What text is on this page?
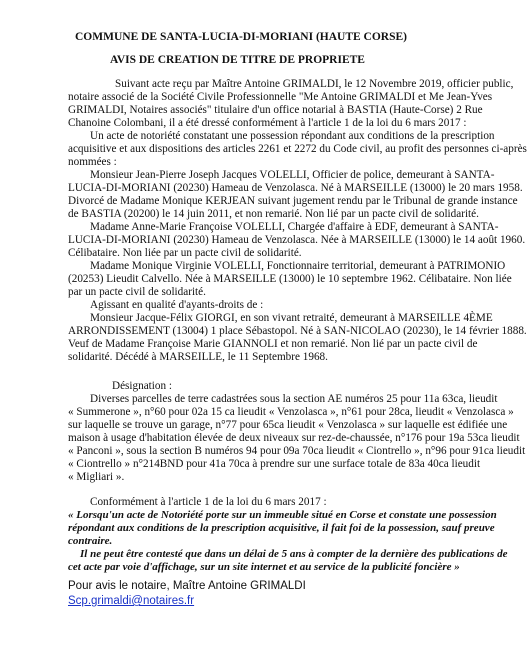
COMMUNE DE SANTA-LUCIA-DI-MORIANI (HAUTE CORSE)
AVIS DE CREATION DE TITRE DE PROPRIETE
Suivant acte reçu par Maître Antoine GRIMALDI, le 12 Novembre 2019, officier public,
notaire associé de la Société Civile Professionnelle "Me Antoine GRIMALDI et Me Jean-Yves
GRIMALDI, Notaires associés" titulaire d'un office notarial à BASTIA (Haute-Corse) 2 Rue
Chanoine Colombani, il a été dressé conformément à l'article 1 de la loi du 6 mars 2017 :
Un acte de notoriété constatant une possession répondant aux conditions de la prescription
acquisitive et aux dispositions des articles 2261 et 2272 du Code civil, au profit des personnes ci-après
nommées :
Monsieur Jean-Pierre Joseph Jacques VOLELLI, Officier de police, demeurant à SANTA-
LUCIA-DI-MORIANI (20230) Hameau de Venzolasca. Né à MARSEILLE (13000) le 20 mars 1958.
Divorcé de Madame Monique KERJEAN suivant jugement rendu par le Tribunal de grande instance
de BASTIA (20200) le 14 juin 2011, et non remarié. Non lié par un pacte civil de solidarité.
Madame Anne-Marie Françoise VOLELLI, Chargée d'affaire à EDF, demeurant à SANTA-
LUCIA-DI-MORIANI (20230) Hameau de Venzolasca. Née à MARSEILLE (13000) le 14 août 1960.
Célibataire. Non liée par un pacte civil de solidarité.
Madame Monique Virginie VOLELLI, Fonctionnaire territorial, demeurant à PATRIMONIO
(20253) Lieudit Calvello. Née à MARSEILLE (13000) le 10 septembre 1962. Célibataire. Non liée
par un pacte civil de solidarité.
Agissant en qualité d'ayants-droits de :
Monsieur Jacque-Félix GIORGI, en son vivant retraité, demeurant à MARSEILLE 4ÈME
ARRONDISSEMENT (13004) 1 place Sébastopol. Né à SAN-NICOLAO (20230), le 14 février 1888.
Veuf de Madame Françoise Marie GIANNOLI et non remarié. Non lié par un pacte civil de
solidarité. Décédé à MARSEILLE, le 11 Septembre 1968.
Désignation :
Diverses parcelles de terre cadastrées sous la section AE numéros 25 pour 11a 63ca, lieudit
« Summerone », n°60 pour 02a 15 ca lieudit « Venzolasca », n°61 pour 28ca, lieudit « Venzolasca »
sur laquelle se trouve un garage, n°77 pour 65ca lieudit « Venzolasca » sur laquelle est édifiée une
maison à usage d'habitation élevée de deux niveaux sur rez-de-chaussée, n°176 pour 19a 53ca lieudit
« Panconi », sous la section B numéros 94 pour 09a 70ca lieudit « Ciontrello », n°96 pour 91ca lieudit
« Ciontrello » n°214BND pour 41a 70ca à prendre sur une surface totale de 83a 40ca lieudit
« Migliari ».
Conformément à l'article 1 de la loi du 6 mars 2017 :
« Lorsqu'un acte de Notoriété porte sur un immeuble situé en Corse et constate une possession
répondant aux conditions de la prescription acquisitive, il fait foi de la possession, sauf preuve
contraire.
Il ne peut être contesté que dans un délai de 5 ans à compter de la dernière des publications de
cet acte par voie d'affichage, sur un site internet et au service de la publicité foncière »
Pour avis le notaire, Maître Antoine GRIMALDI
Scp.grimaldi@notaires.fr
